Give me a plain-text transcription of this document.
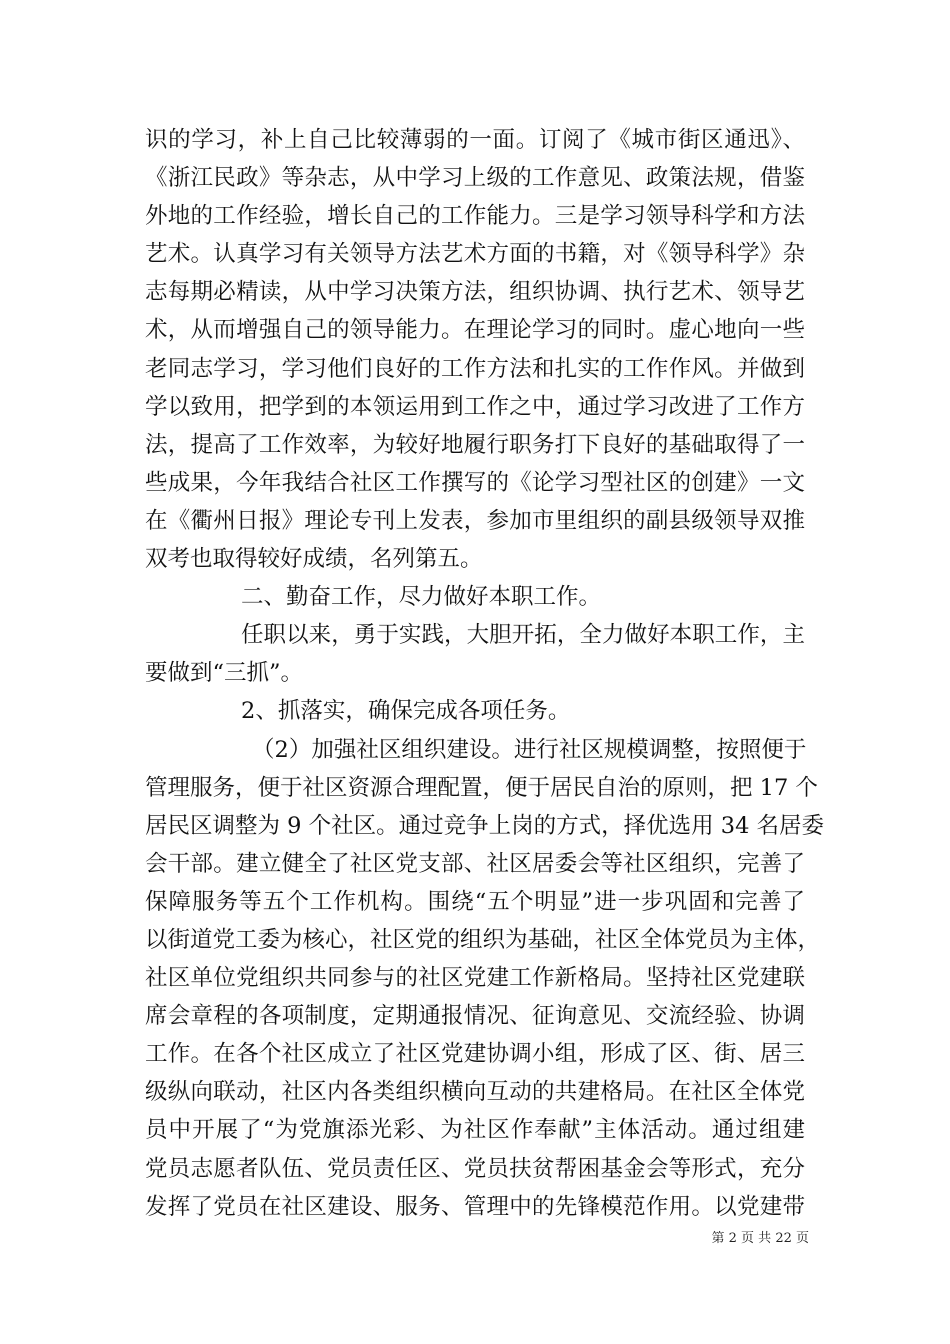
识的学习，补上自己比较薄弱的一面。订阅了《城市街区通迅》、
《浙江民政》等杂志，从中学习上级的工作意见、政策法规，借鉴
外地的工作经验，增长自己的工作能力。三是学习领导科学和方法
艺术。认真学习有关领导方法艺术方面的书籍，对《领导科学》杂
志每期必精读，从中学习决策方法，组织协调、执行艺术、领导艺
术，从而增强自己的领导能力。在理论学习的同时。虚心地向一些
老同志学习，学习他们良好的工作方法和扎实的工作作风。并做到
学以致用，把学到的本领运用到工作之中，通过学习改进了工作方
法，提高了工作效率，为较好地履行职务打下良好的基础取得了一
些成果，今年我结合社区工作撰写的《论学习型社区的创建》一文
在《衢州日报》理论专刊上发表，参加市里组织的副县级领导双推
双考也取得较好成绩，名列第五。
二、勤奋工作，尽力做好本职工作。
任职以来，勇于实践，大胆开拓，全力做好本职工作，主
要做到“三抓”。
2、抓落实，确保完成各项任务。
（2）加强社区组织建设。进行社区规模调整，按照便于
管理服务，便于社区资源合理配置，便于居民自治的原则，把 17 个
居民区调整为 9 个社区。通过竞争上岗的方式，择优选用 34 名居委
会干部。建立健全了社区党支部、社区居委会等社区组织，完善了
保障服务等五个工作机构。围绕“五个明显”进一步巩固和完善了
以街道党工委为核心，社区党的组织为基础，社区全体党员为主体，
社区单位党组织共同参与的社区党建工作新格局。坚持社区党建联
席会章程的各项制度，定期通报情况、征询意见、交流经验、协调
工作。在各个社区成立了社区党建协调小组，形成了区、街、居三
级纵向联动，社区内各类组织横向互动的共建格局。在社区全体党
员中开展了“为党旗添光彩、为社区作奉献”主体活动。通过组建
党员志愿者队伍、党员责任区、党员扶贫帮困基金会等形式，充分
发挥了党员在社区建设、服务、管理中的先锋模范作用。以党建带
第 2 页 共 22 页
